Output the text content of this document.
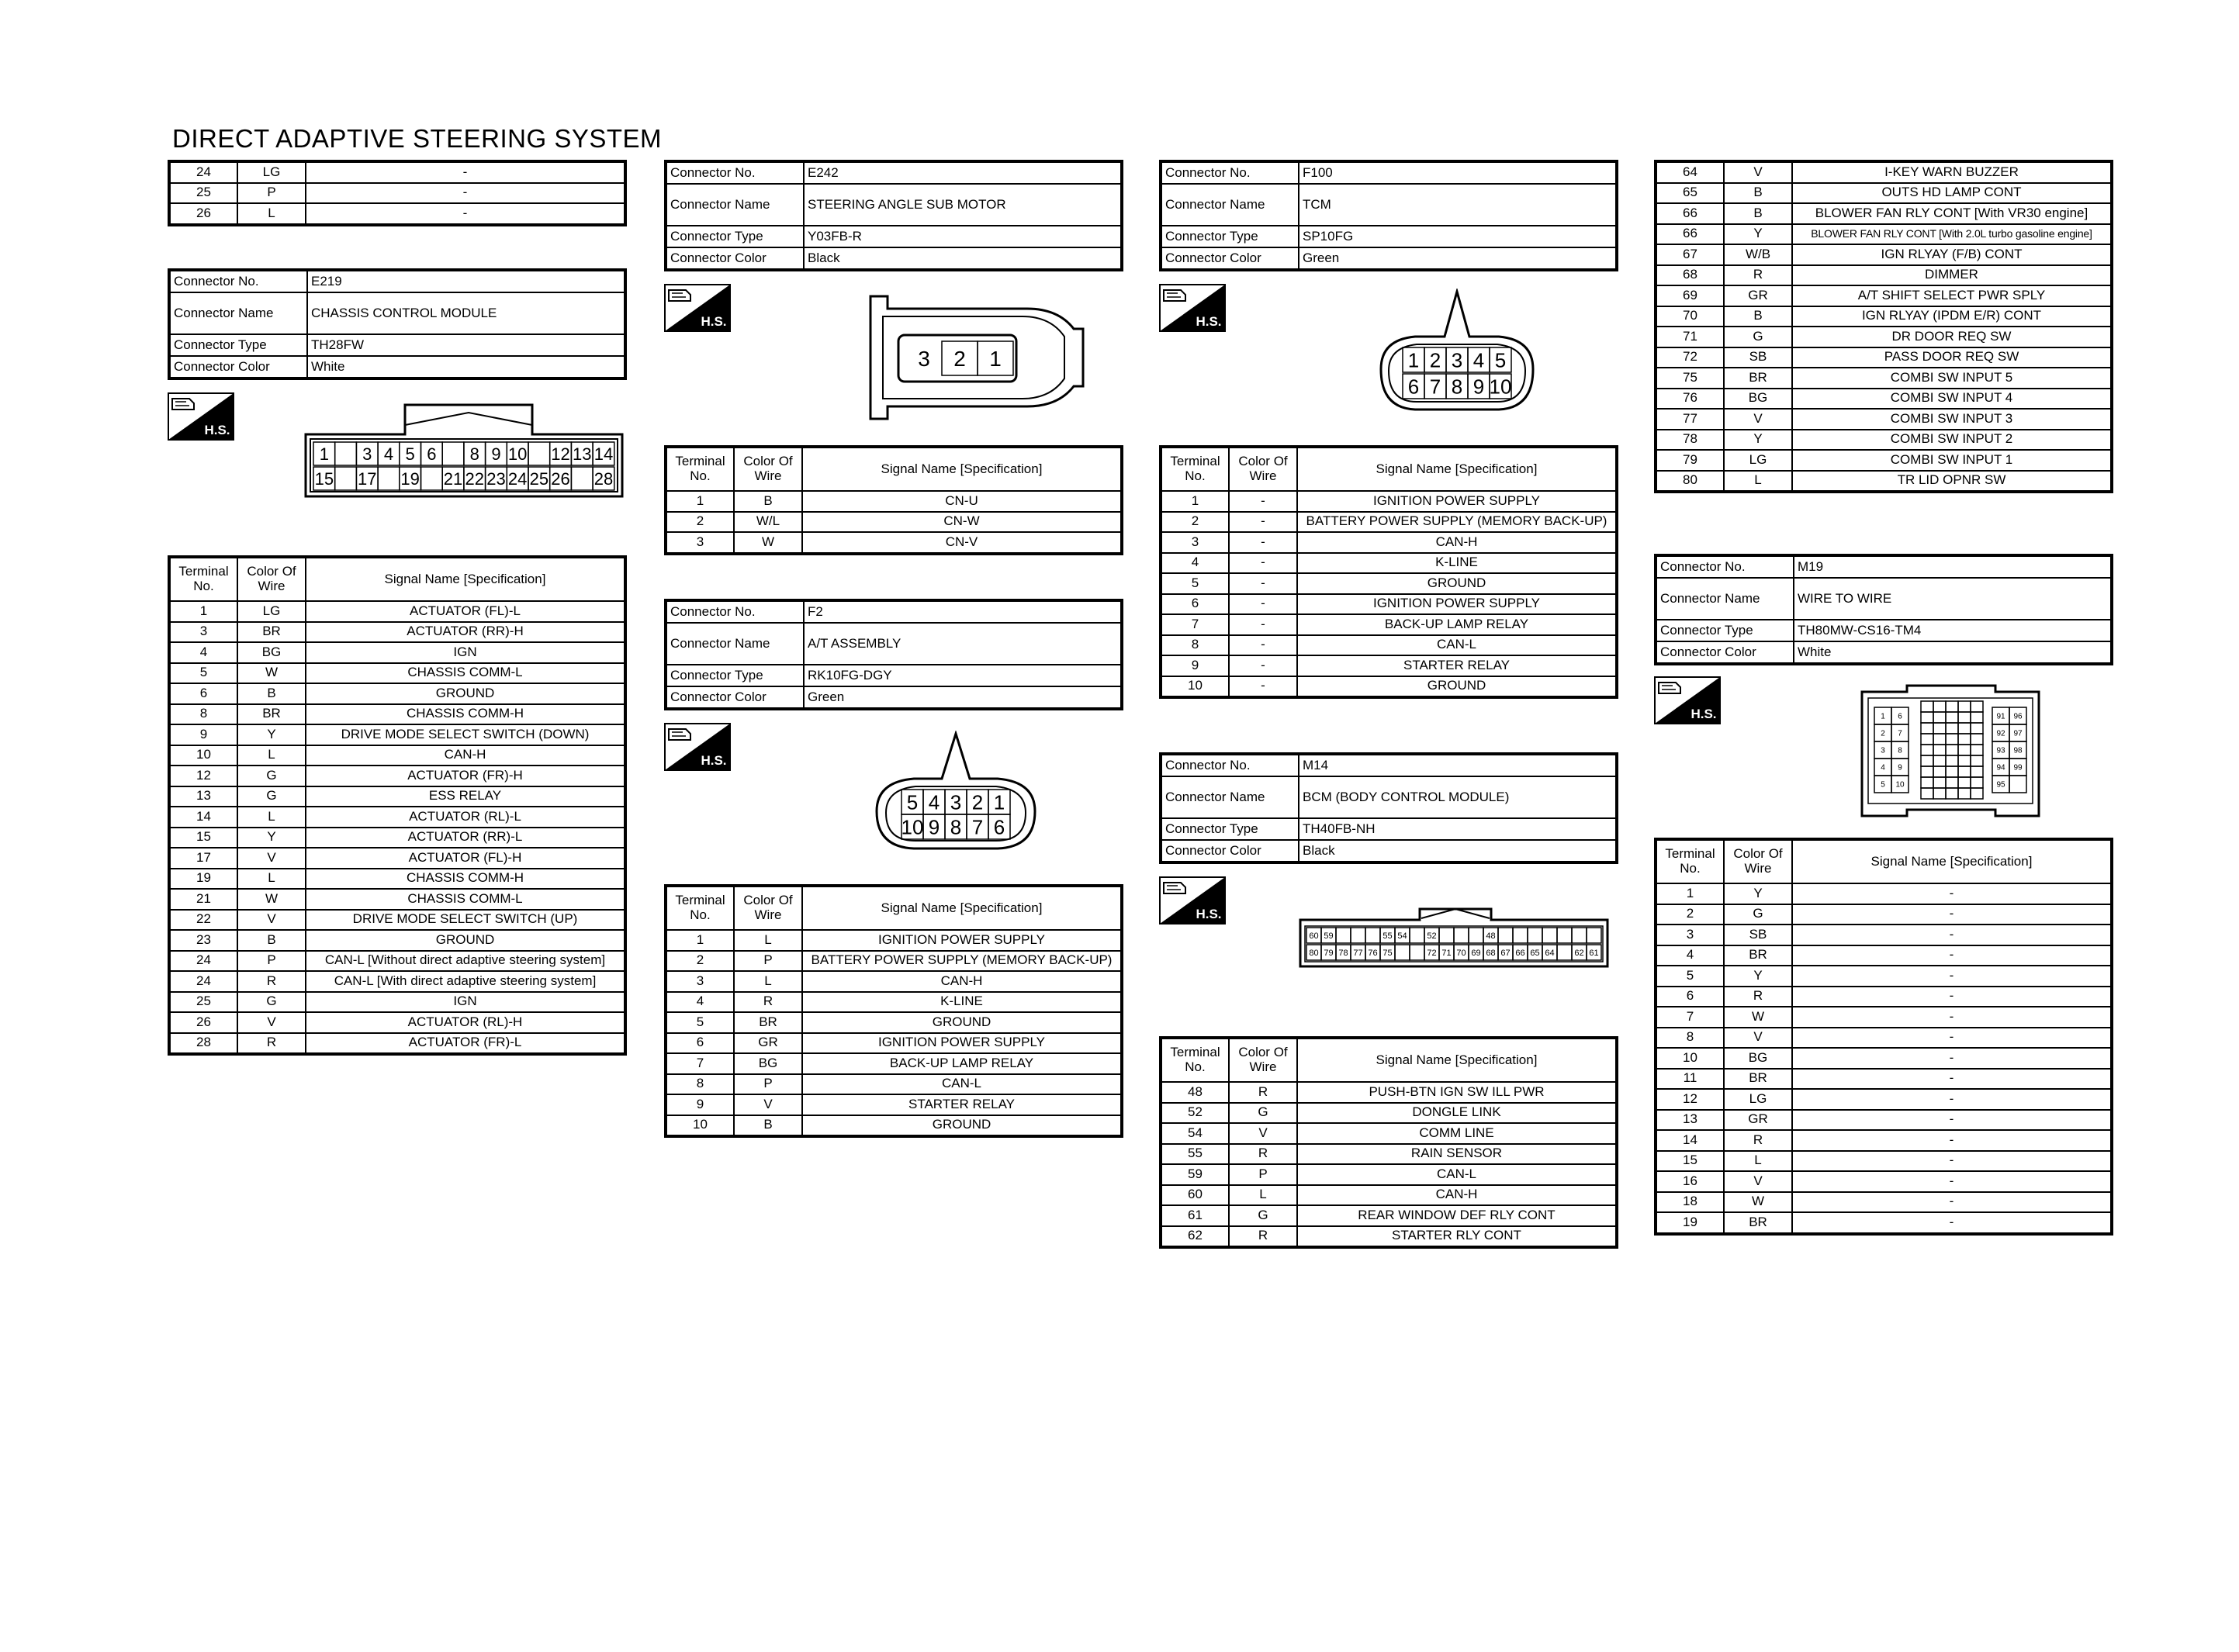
DIRECT ADAPTIVE STEERING SYSTEM
24	LG	-
25	P	-
26	L	-
Connector No.	E219
Connector Name	CHASSIS CONTROL MODULE
Connector Type	TH28FW
Connector Color	White
H.S.
1 3 4 5 6 8 9 10 12 13 14
15 17 19 21 22 23 24 25 26 28
Terminal No.	Color Of Wire	Signal Name [Specification]
1	LG	ACTUATOR (FL)-L
3	BR	ACTUATOR (RR)-H
4	BG	IGN
5	W	CHASSIS COMM-L
6	B	GROUND
8	BR	CHASSIS COMM-H
9	Y	DRIVE MODE SELECT SWITCH (DOWN)
10	L	CAN-H
12	G	ACTUATOR (FR)-H
13	G	ESS RELAY
14	L	ACTUATOR (RL)-L
15	Y	ACTUATOR (RR)-L
17	V	ACTUATOR (FL)-H
19	L	CHASSIS COMM-H
21	W	CHASSIS COMM-L
22	V	DRIVE MODE SELECT SWITCH (UP)
23	B	GROUND
24	P	CAN-L [Without direct adaptive steering system]
24	R	CAN-L [With direct adaptive steering system]
25	G	IGN
26	V	ACTUATOR (RL)-H
28	R	ACTUATOR (FR)-L
Connector No.	E242
Connector Name	STEERING ANGLE SUB MOTOR
Connector Type	Y03FB-R
Connector Color	Black
H.S.
3 2 1
Terminal No.	Color Of Wire	Signal Name [Specification]
1	B	CN-U
2	W/L	CN-W
3	W	CN-V
Connector No.	F2
Connector Name	A/T ASSEMBLY
Connector Type	RK10FG-DGY
Connector Color	Green
H.S.
5 4 3 2 1
10 9 8 7 6
Terminal No.	Color Of Wire	Signal Name [Specification]
1	L	IGNITION POWER SUPPLY
2	P	BATTERY POWER SUPPLY (MEMORY BACK-UP)
3	L	CAN-H
4	R	K-LINE
5	BR	GROUND
6	GR	IGNITION POWER SUPPLY
7	BG	BACK-UP LAMP RELAY
8	P	CAN-L
9	V	STARTER RELAY
10	B	GROUND
Connector No.	F100
Connector Name	TCM
Connector Type	SP10FG
Connector Color	Green
H.S.
1 2 3 4 5
6 7 8 9 10
Terminal No.	Color Of Wire	Signal Name [Specification]
1	-	IGNITION POWER SUPPLY
2	-	BATTERY POWER SUPPLY (MEMORY BACK-UP)
3	-	CAN-H
4	-	K-LINE
5	-	GROUND
6	-	IGNITION POWER SUPPLY
7	-	BACK-UP LAMP RELAY
8	-	CAN-L
9	-	STARTER RELAY
10	-	GROUND
Connector No.	M14
Connector Name	BCM (BODY CONTROL MODULE)
Connector Type	TH40FB-NH
Connector Color	Black
H.S.
60 59	55 54 52	48
80 79 78 77 76 75	72 71 70 69 68 67 66 65 64 62 61
Terminal No.	Color Of Wire	Signal Name [Specification]
48	R	PUSH-BTN IGN SW ILL PWR
52	G	DONGLE LINK
54	V	COMM LINE
55	R	RAIN SENSOR
59	P	CAN-L
60	L	CAN-H
61	G	REAR WINDOW DEF RLY CONT
62	R	STARTER RLY CONT
64	V	I-KEY WARN BUZZER
65	B	OUTS HD LAMP CONT
66	B	BLOWER FAN RLY CONT [With VR30 engine]
66	Y	BLOWER FAN RLY CONT [With 2.0L turbo gasoline engine]
67	W/B	IGN RLYAY (F/B) CONT
68	R	DIMMER
69	GR	A/T SHIFT SELECT PWR SPLY
70	B	IGN RLYAY (IPDM E/R) CONT
71	G	DR DOOR REQ SW
72	SB	PASS DOOR REQ SW
75	BR	COMBI SW INPUT 5
76	BG	COMBI SW INPUT 4
77	V	COMBI SW INPUT 3
78	Y	COMBI SW INPUT 2
79	LG	COMBI SW INPUT 1
80	L	TR LID OPNR SW
Connector No.	M19
Connector Name	WIRE TO WIRE
Connector Type	TH80MW-CS16-TM4
Connector Color	White
H.S.	1 6	91 96
2 7	92 97
3 8	93 98
4 9	94 99
5 10	95
Terminal No.	Color Of Wire	Signal Name [Specification]
1	Y	-
2	G	-
3	SB	-
4	BR	-
5	Y	-
6	R	-
7	W	-
8	V	-
10	BG	-
11	BR	-
12	LG	-
13	GR	-
14	R	-
15	L	-
16	V	-
18	W	-
19	BR	-
